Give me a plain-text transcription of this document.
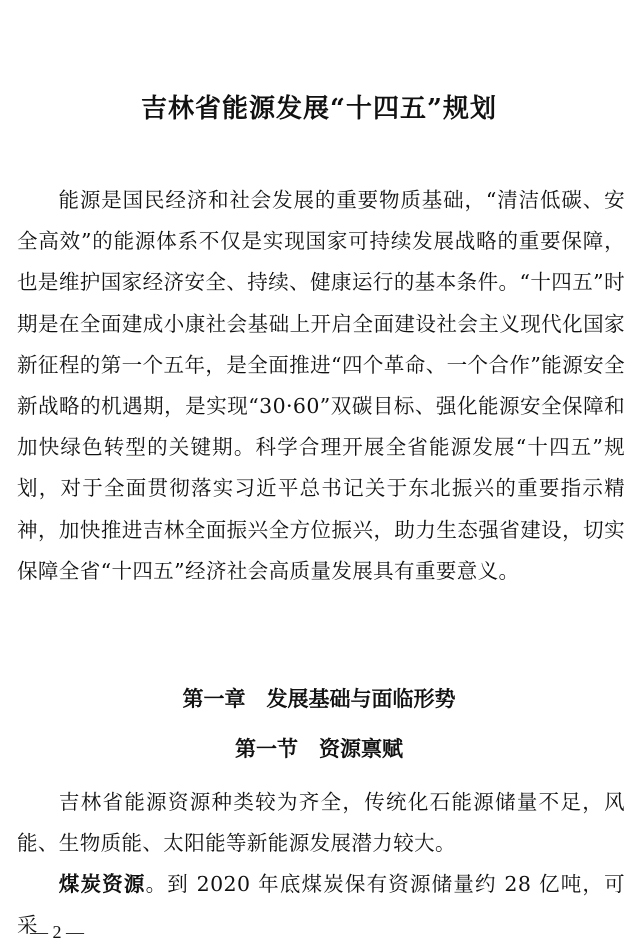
吉林省能源发展“十四五”规划
能源是国民经济和社会发展的重要物质基础，“清洁低碳、安全高效”的能源体系不仅是实现国家可持续发展战略的重要保障，也是维护国家经济安全、持续、健康运行的基本条件。“十四五”时期是在全面建成小康社会基础上开启全面建设社会主义现代化国家新征程的第一个五年，是全面推进“四个革命、一个合作”能源安全新战略的机遇期，是实现“30·60”双碳目标、强化能源安全保障和加快绿色转型的关键期。科学合理开展全省能源发展“十四五”规划，对于全面贯彻落实习近平总书记关于东北振兴的重要指示精神，加快推进吉林全面振兴全方位振兴，助力生态强省建设，切实保障全省“十四五”经济社会高质量发展具有重要意义。
第一章　发展基础与面临形势
第一节　资源禀赋
吉林省能源资源种类较为齐全，传统化石能源储量不足，风能、生物质能、太阳能等新能源发展潜力较大。
煤炭资源。到 2020 年底煤炭保有资源储量约 28 亿吨，可采
— 2 —
